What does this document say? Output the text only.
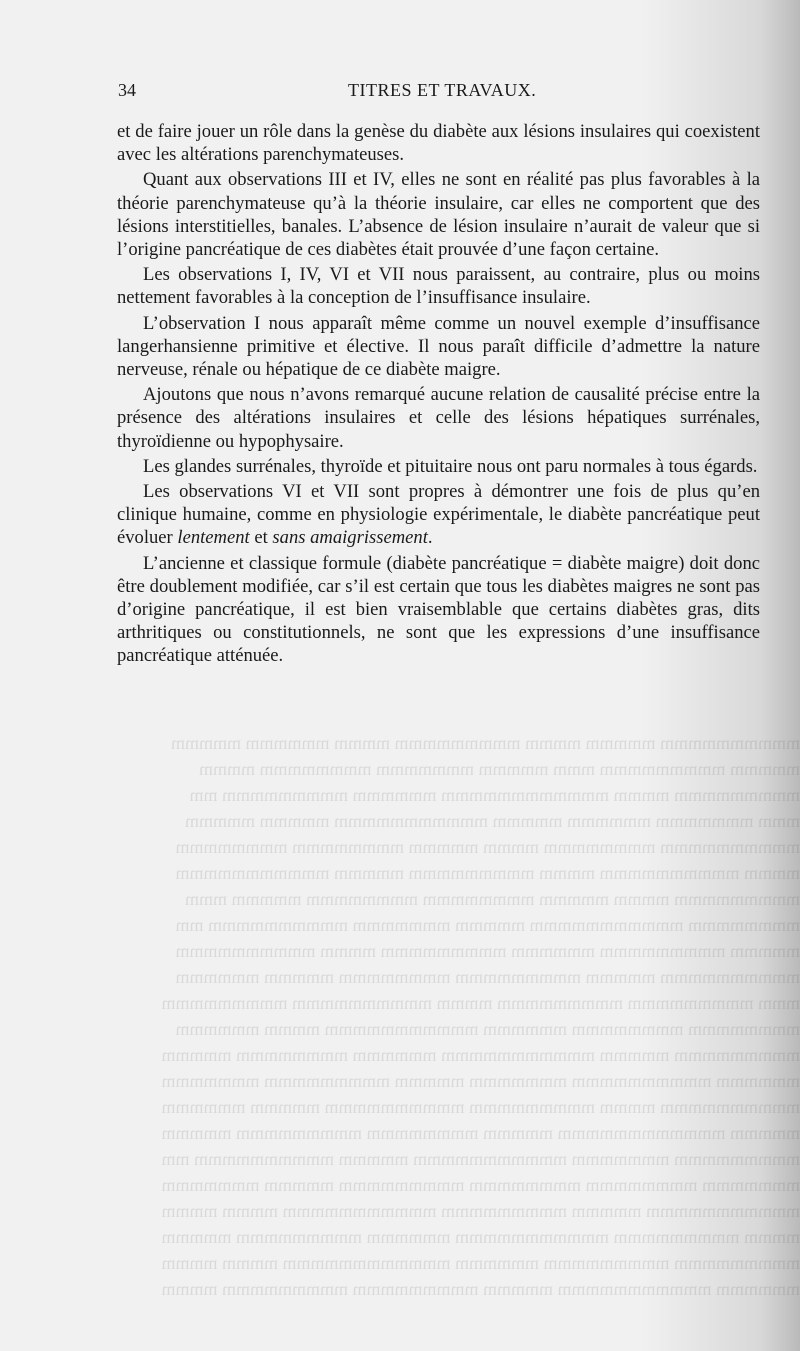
mmmmmmmmmm mmmmm mmmm mmmmmmmmm mmmm mmmmmm mmmmm
mmmmm mmmmmmmmm mmm mmmmm mmmmmmm mmmmmmmm mmmm
mmmmmmmmm mmmm mmmmmmmmmmmm mmmmmm mmmmmmmmm mm
mmm mmmmmmm mmmmmm mmmmm mmmmmmmmmmm mmmmm mmmmm
mmmmmmmmmm mmmmmmmm mmmm mmmmm mmmmmmmm mmmmmmmm
mmmm mmmmmmmmmm mmmm mmmmmmmmm mmmmm mmmmmmmmmmm
mmmmmmmmm mmmm mmmmm mmmmmmmm mmmmmmmm mmmmm mmm
mmmmmmmm mmmmmmmmmmm mmmmm mmmmmmm mmmmmmmmmm mm
mmmmm mmmmmmmmm mmmmmm mmmmmmmmm mmmm mmmmmmmmmm
mmmmmmmmmm mmmmm mmmmmmmmm mmmmmmmm mmmmm mmmmmm
mmm mmmmmmmmm mmmmmmmmm mmmm mmmmmmmmmm mmmmmmmmm
mmmmmmmm mmmmmmmm mmmmmm mmmmmmmmmmm mmmm mmmmmm
mmmmmmmmm mmmmm mmmmmmmmmmm mmmmmm mmmmmmmm mmmmm
mmmmmm mmmmmmmmmm mmmmmmm mmmmm mmmmmmmmm mmmmmmm
mmmmmmmmmm mmmm mmmmmmmmm mmmmmmmmmm mmmmm mmmmmm
mmmmm mmmmmmmmmmmm mmmmm mmmmmmmm mmmmmmmmm mmmmm
mmmmmmmmm mmmmmmm mmmmmmmmmmm mmmmm mmmmmmmmmm mm
mmmmmmm mmmmmmmm mmmmmmmm mmmmmmmmm mmmmm mmmmmmm
mmmmmmmmmmm mmmmm mmmmmmmmm mmmmmmmmmmm mmmm mmmm
mmmm mmmmmmmmm mmmmmmmmmmm mmmmmm mmmmmmmmm mmmmm
mmmmmmmmm mmmmmmmmm mmmmmm mmmmmmmmmmmm mmmm mmmm
mmmmmm mmmmmmmmmmm mmmmm mmmmmmmmm mmmmmmmmm mmmm
34	TITRES ET TRAVAUX.

et de faire jouer un rôle dans la genèse du diabète aux lésions insulaires qui coexistent avec les altérations parenchymateuses.

Quant aux observations III et IV, elles ne sont en réalité pas plus favorables à la théorie parenchymateuse qu’à la théorie insulaire, car elles ne comportent que des lésions interstitielles, banales. L’absence de lésion insulaire n’aurait de valeur que si l’origine pancréatique de ces diabètes était prouvée d’une façon certaine.

Les observations I, IV, VI et VII nous paraissent, au contraire, plus ou moins nettement favorables à la conception de l’insuffisance insulaire.

L’observation I nous apparaît même comme un nouvel exemple d’insuffisance langerhansienne primitive et élective. Il nous paraît difficile d’admettre la nature nerveuse, rénale ou hépatique de ce diabète maigre.

Ajoutons que nous n’avons remarqué aucune relation de causalité précise entre la présence des altérations insulaires et celle des lésions hépatiques surrénales, thyroïdienne ou hypophysaire.

Les glandes surrénales, thyroïde et pituitaire nous ont paru normales à tous égards.

Les observations VI et VII sont propres à démontrer une fois de plus qu’en clinique humaine, comme en physiologie expérimentale, le diabète pancréatique peut évoluer lentement et sans amaigrissement.

L’ancienne et classique formule (diabète pancréatique = diabète maigre) doit donc être doublement modifiée, car s’il est certain que tous les diabètes maigres ne sont pas d’origine pancréatique, il est bien vraisemblable que certains diabètes gras, dits arthritiques ou constitutionnels, ne sont que les expressions d’une insuffisance pancréatique atténuée.
